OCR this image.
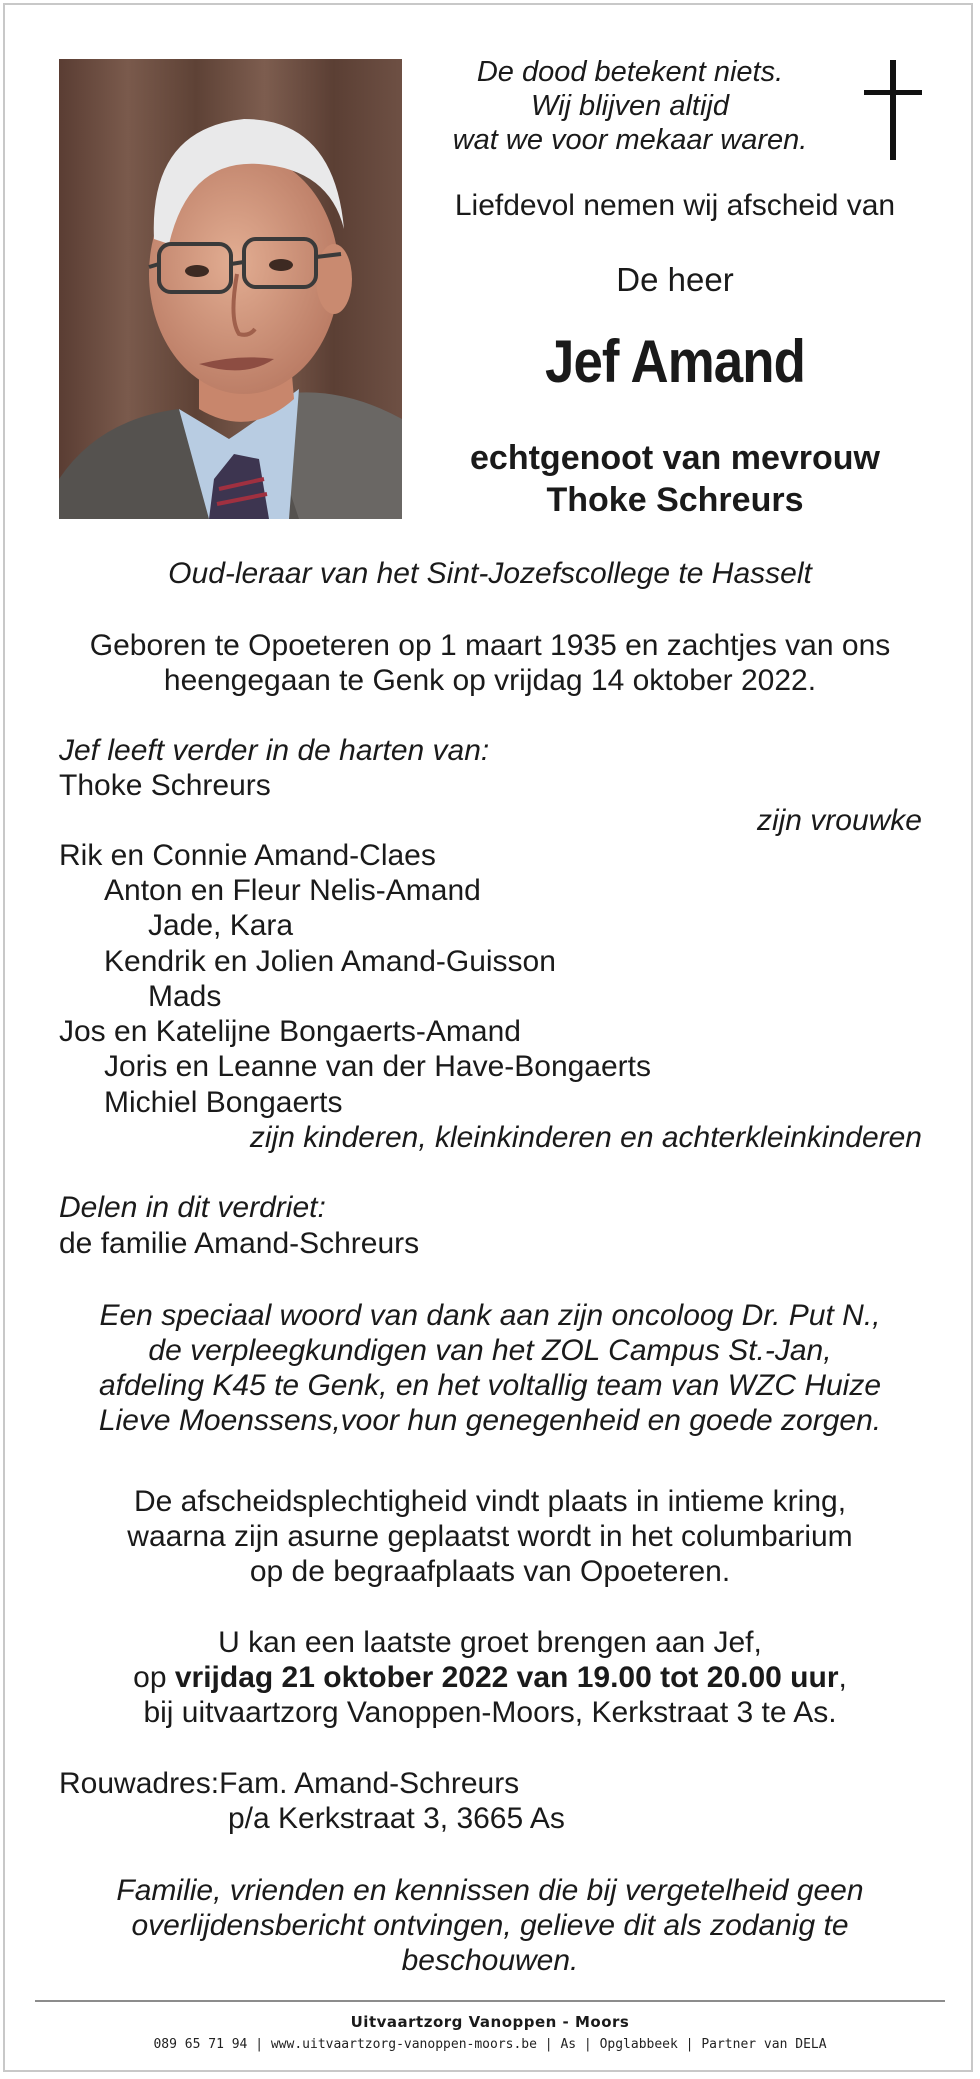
De dood betekent niets.
Wij blijven altijd
wat we voor mekaar waren.
Liefdevol nemen wij afscheid van
De heer
Jef Amand
echtgenoot van mevrouw
Thoke Schreurs
Oud-leraar van het Sint-Jozefscollege te Hasselt
Geboren te Opoeteren op 1 maart 1935 en zachtjes van ons
heengegaan te Genk op vrijdag 14 oktober 2022.
Jef leeft verder in de harten van:
Thoke Schreurs
zijn vrouwke
Rik en Connie Amand-Claes
Anton en Fleur Nelis-Amand
Jade, Kara
Kendrik en Jolien Amand-Guisson
Mads
Jos en Katelijne Bongaerts-Amand
Joris en Leanne van der Have-Bongaerts
Michiel Bongaerts
zijn kinderen, kleinkinderen en achterkleinkinderen
Delen in dit verdriet:
de familie Amand-Schreurs
Een speciaal woord van dank aan zijn oncoloog Dr. Put N.,
de verpleegkundigen van het ZOL Campus St.-Jan,
afdeling K45 te Genk, en het voltallig team van WZC Huize
Lieve Moenssens,voor hun genegenheid en goede zorgen.
De afscheidsplechtigheid vindt plaats in intieme kring,
waarna zijn asurne geplaatst wordt in het columbarium
op de begraafplaats van Opoeteren.
U kan een laatste groet brengen aan Jef,
op vrijdag 21 oktober 2022 van 19.00 tot 20.00 uur,
bij uitvaartzorg Vanoppen-Moors, Kerkstraat 3 te As.
Rouwadres:Fam. Amand-Schreurs
p/a Kerkstraat 3, 3665 As
Familie, vrienden en kennissen die bij vergetelheid geen
overlijdensbericht ontvingen, gelieve dit als zodanig te
beschouwen.
Uitvaartzorg Vanoppen - Moors
089 65 71 94 | www.uitvaartzorg-vanoppen-moors.be | As | Opglabbeek | Partner van DELA
